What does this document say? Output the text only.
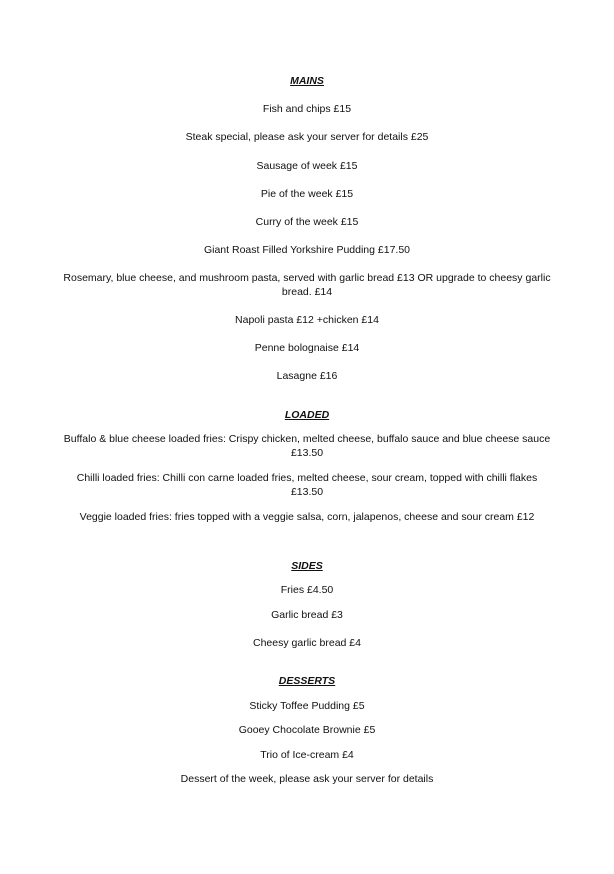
MAINS
Fish and chips £15
Steak special, please ask your server for details £25
Sausage of week £15
Pie of the week £15
Curry of the week £15
Giant Roast Filled Yorkshire Pudding £17.50
Rosemary, blue cheese, and mushroom pasta, served with garlic bread £13 OR upgrade to cheesy garlic bread. £14
Napoli pasta £12 +chicken £14
Penne bolognaise £14
Lasagne £16
LOADED
Buffalo & blue cheese loaded fries: Crispy chicken, melted cheese, buffalo sauce and blue cheese sauce £13.50
Chilli loaded fries: Chilli con carne loaded fries, melted cheese, sour cream, topped with chilli flakes £13.50
Veggie loaded fries: fries topped with a veggie salsa, corn, jalapenos, cheese and sour cream £12
SIDES
Fries £4.50
Garlic bread £3
Cheesy garlic bread £4
DESSERTS
Sticky Toffee Pudding £5
Gooey Chocolate Brownie £5
Trio of Ice-cream £4
Dessert of the week, please ask your server for details
